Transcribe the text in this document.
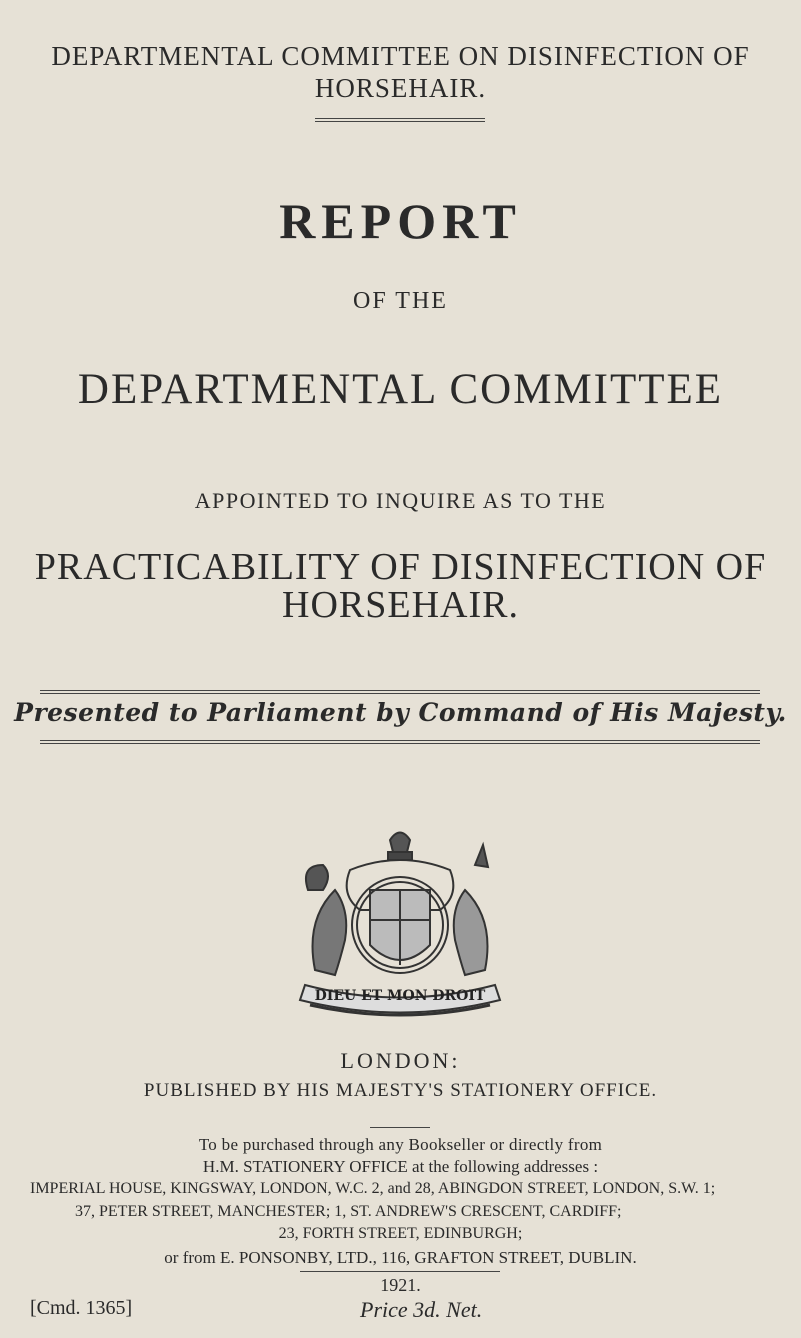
DEPARTMENTAL COMMITTEE ON DISINFECTION OF
HORSEHAIR.
REPORT
OF THE
DEPARTMENTAL COMMITTEE
APPOINTED TO INQUIRE AS TO THE
PRACTICABILITY OF DISINFECTION OF
HORSEHAIR.
Presented to Parliament by Command of His Majesty.
DIEU ET MON DROIT
LONDON:
PUBLISHED BY HIS MAJESTY'S STATIONERY OFFICE.
To be purchased through any Bookseller or directly from
H.M. STATIONERY OFFICE at the following addresses :
IMPERIAL HOUSE, KINGSWAY, LONDON, W.C. 2, and 28, ABINGDON STREET, LONDON, S.W. 1;
37, PETER STREET, MANCHESTER; 1, ST. ANDREW'S CRESCENT, CARDIFF;
23, FORTH STREET, EDINBURGH;
or from E. PONSONBY, LTD., 116, GRAFTON STREET, DUBLIN.
1921.
[Cmd. 1365]	Price 3d. Net.
